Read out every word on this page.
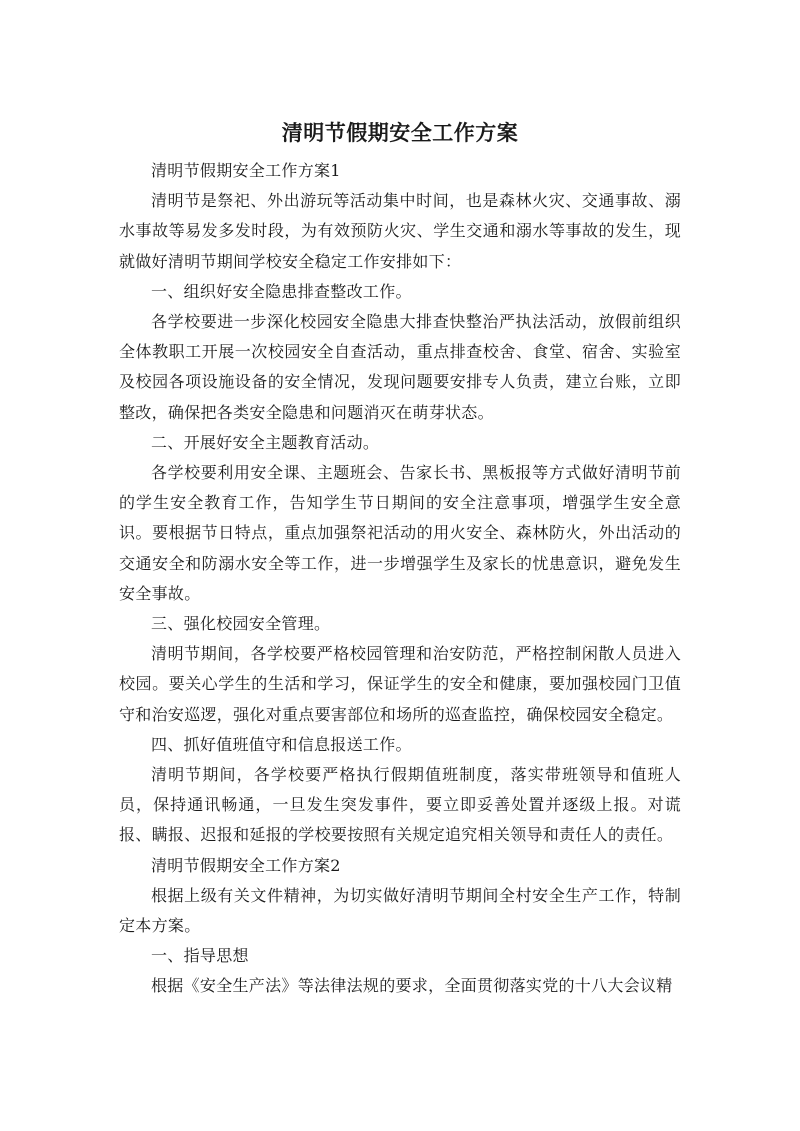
清明节假期安全工作方案

清明节假期安全工作方案1

清明节是祭祀、外出游玩等活动集中时间，也是森林火灾、交通事故、溺水事故等易发多发时段，为有效预防火灾、学生交通和溺水等事故的发生，现就做好清明节期间学校安全稳定工作安排如下：

一、组织好安全隐患排查整改工作。

各学校要进一步深化校园安全隐患大排查快整治严执法活动，放假前组织全体教职工开展一次校园安全自查活动，重点排查校舍、食堂、宿舍、实验室及校园各项设施设备的安全情况，发现问题要安排专人负责，建立台账，立即整改，确保把各类安全隐患和问题消灭在萌芽状态。

二、开展好安全主题教育活动。

各学校要利用安全课、主题班会、告家长书、黑板报等方式做好清明节前的学生安全教育工作，告知学生节日期间的安全注意事项，增强学生安全意识。要根据节日特点，重点加强祭祀活动的用火安全、森林防火，外出活动的交通安全和防溺水安全等工作，进一步增强学生及家长的忧患意识，避免发生安全事故。

三、强化校园安全管理。

清明节期间，各学校要严格校园管理和治安防范，严格控制闲散人员进入校园。要关心学生的生活和学习，保证学生的安全和健康，要加强校园门卫值守和治安巡逻，强化对重点要害部位和场所的巡查监控，确保校园安全稳定。

四、抓好值班值守和信息报送工作。

清明节期间，各学校要严格执行假期值班制度，落实带班领导和值班人员，保持通讯畅通，一旦发生突发事件，要立即妥善处置并逐级上报。对谎报、瞒报、迟报和延报的学校要按照有关规定追究相关领导和责任人的责任。

清明节假期安全工作方案2

根据上级有关文件精神，为切实做好清明节期间全村安全生产工作，特制定本方案。

一、指导思想

根据《安全生产法》等法律法规的要求，全面贯彻落实党的十八大会议精
